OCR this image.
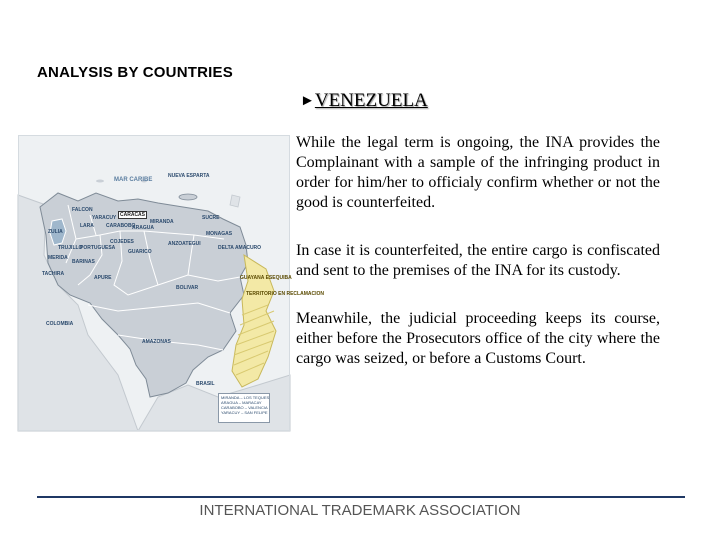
ANALYSIS BY COUNTRIES
►VENEZUELA
MAR CARIBE
NUEVA ESPARTA
FALCON
CARACAS
ZULIA
LARA
YARACUY
CARABOBO
ARAGUA
MIRANDA
SUCRE
MONAGAS
ANZOATEGUI
DELTA AMACURO
TRUJILLO
PORTUGUESA
COJEDES
GUARICO
MERIDA
BARINAS
TACHIRA
APURE
BOLIVAR
AMAZONAS
COLOMBIA
BRASIL
GUAYANA ESEQUIBA
TERRITORIO EN RECLAMACION
MIRANDA – LOS TEQUES
ARAGUA – MARACAY
CARABOBO – VALENCIA
YARACUY – SAN FELIPE

While the legal term is ongoing, the INA provides the Complainant with a sample of the infringing product in order for him/her to officialy confirm whether or not the good is counterfeited.

In case it is counterfeited, the entire cargo is confiscated and sent to the premises of the INA for its custody.

Meanwhile, the judicial proceeding keeps its course, either before the Prosecutors office of the city where the cargo was seized, or before a Customs Court.

INTERNATIONAL TRADEMARK ASSOCIATION
